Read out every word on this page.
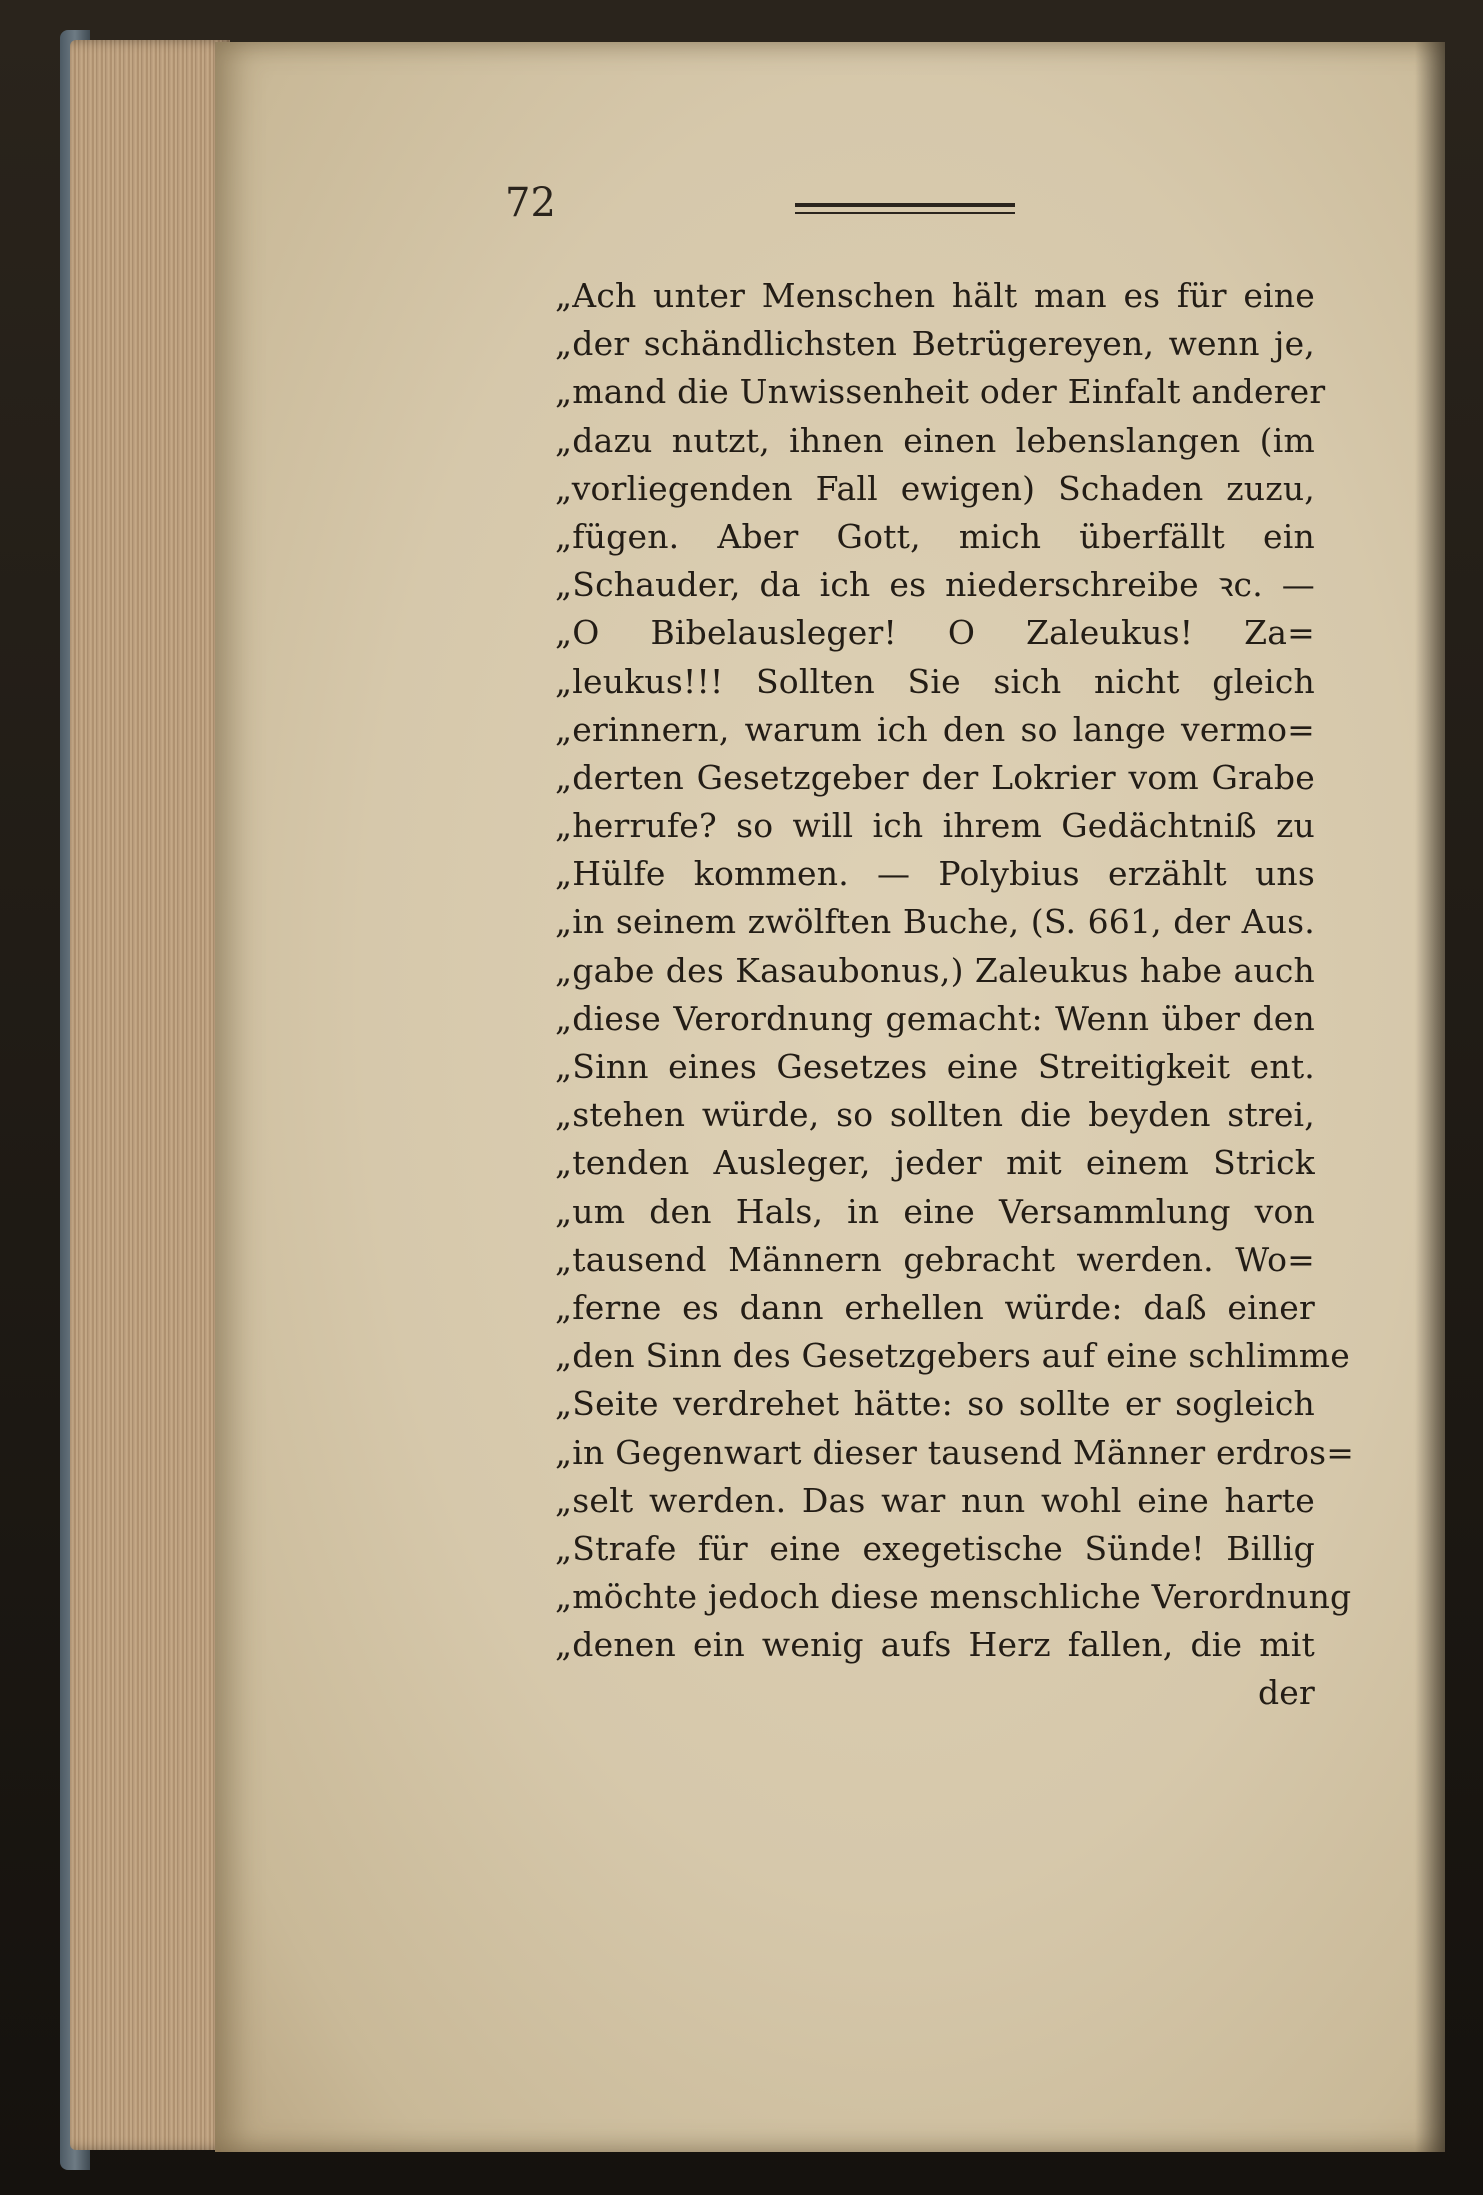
72
„Ach unter Menschen hält man es für eine
„der schändlichsten Betrügereyen, wenn je,
„mand die Unwissenheit oder Einfalt anderer
„dazu nutzt, ihnen einen lebenslangen (im
„vorliegenden Fall ewigen) Schaden zuzu,
„fügen. Aber Gott, mich überfällt ein
„Schauder, da ich es niederschreibe ꝛc. —
„O Bibelausleger! O Zaleukus! Za=
„leukus!!! Sollten Sie sich nicht gleich
„erinnern, warum ich den so lange vermo=
„derten Gesetzgeber der Lokrier vom Grabe
„herrufe? so will ich ihrem Gedächtniß zu
„Hülfe kommen. — Polybius erzählt uns
„in seinem zwölften Buche, (S. 661, der Aus.
„gabe des Kasaubonus,) Zaleukus habe auch
„diese Verordnung gemacht: Wenn über den
„Sinn eines Gesetzes eine Streitigkeit ent.
„stehen würde, so sollten die beyden strei,
„tenden Ausleger, jeder mit einem Strick
„um den Hals, in eine Versammlung von
„tausend Männern gebracht werden. Wo=
„ferne es dann erhellen würde: daß einer
„den Sinn des Gesetzgebers auf eine schlimme
„Seite verdrehet hätte: so sollte er sogleich
„in Gegenwart dieser tausend Männer erdros=
„selt werden. Das war nun wohl eine harte
„Strafe für eine exegetische Sünde! Billig
„möchte jedoch diese menschliche Verordnung
„denen ein wenig aufs Herz fallen, die mit
der
